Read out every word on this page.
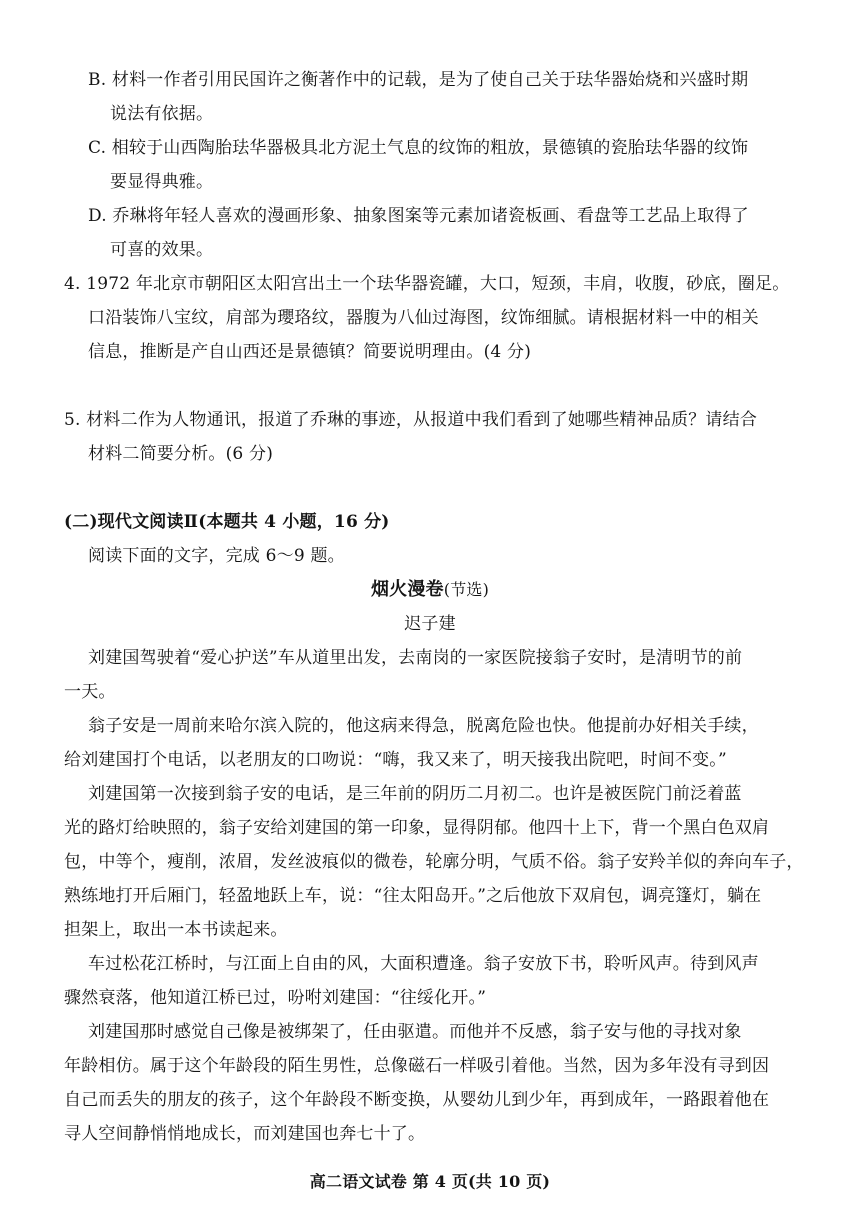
B. 材料一作者引用民国许之衡著作中的记载，是为了使自己关于珐华器始烧和兴盛时期

说法有依据。

C. 相较于山西陶胎珐华器极具北方泥土气息的纹饰的粗放，景德镇的瓷胎珐华器的纹饰

要显得典雅。

D. 乔琳将年轻人喜欢的漫画形象、抽象图案等元素加诸瓷板画、看盘等工艺品上取得了

可喜的效果。

4. 1972 年北京市朝阳区太阳宫出土一个珐华器瓷罐，大口，短颈，丰肩，收腹，砂底，圈足。

口沿装饰八宝纹，肩部为瓔珞纹，器腹为八仙过海图，纹饰细腻。请根据材料一中的相关

信息，推断是产自山西还是景德镇？简要说明理由。(4 分)

5. 材料二作为人物通讯，报道了乔琳的事迹，从报道中我们看到了她哪些精神品质？请结合

材料二简要分析。(6 分)

(二)现代文阅读Ⅱ(本题共 4 小题，16 分)

阅读下面的文字，完成 6～9 题。

烟火漫卷(节选)

迟子建

刘建国驾驶着“爱心护送”车从道里出发，去南岗的一家医院接翁子安时，是清明节的前

一天。

翁子安是一周前来哈尔滨入院的，他这病来得急，脱离危险也快。他提前办好相关手续，

给刘建国打个电话，以老朋友的口吻说：“嗨，我又来了，明天接我出院吧，时间不变。”

刘建国第一次接到翁子安的电话，是三年前的阴历二月初二。也许是被医院门前泛着蓝

光的路灯给映照的，翁子安给刘建国的第一印象，显得阴郁。他四十上下，背一个黑白色双肩

包，中等个，瘦削，浓眉，发丝波痕似的微卷，轮廓分明，气质不俗。翁子安羚羊似的奔向车子，

熟练地打开后厢门，轻盈地跃上车，说：“往太阳岛开。”之后他放下双肩包，调亮篷灯，躺在

担架上，取出一本书读起来。

车过松花江桥时，与江面上自由的风，大面积遭逢。翁子安放下书，聆听风声。待到风声

骤然衰落，他知道江桥已过，吩咐刘建国：“往绥化开。”

刘建国那时感觉自己像是被绑架了，任由驱遣。而他并不反感，翁子安与他的寻找对象

年龄相仿。属于这个年龄段的陌生男性，总像磁石一样吸引着他。当然，因为多年没有寻到因

自己而丢失的朋友的孩子，这个年龄段不断变换，从婴幼儿到少年，再到成年，一路跟着他在

寻人空间静悄悄地成长，而刘建国也奔七十了。

高二语文试卷 第 4 页(共 10 页)
